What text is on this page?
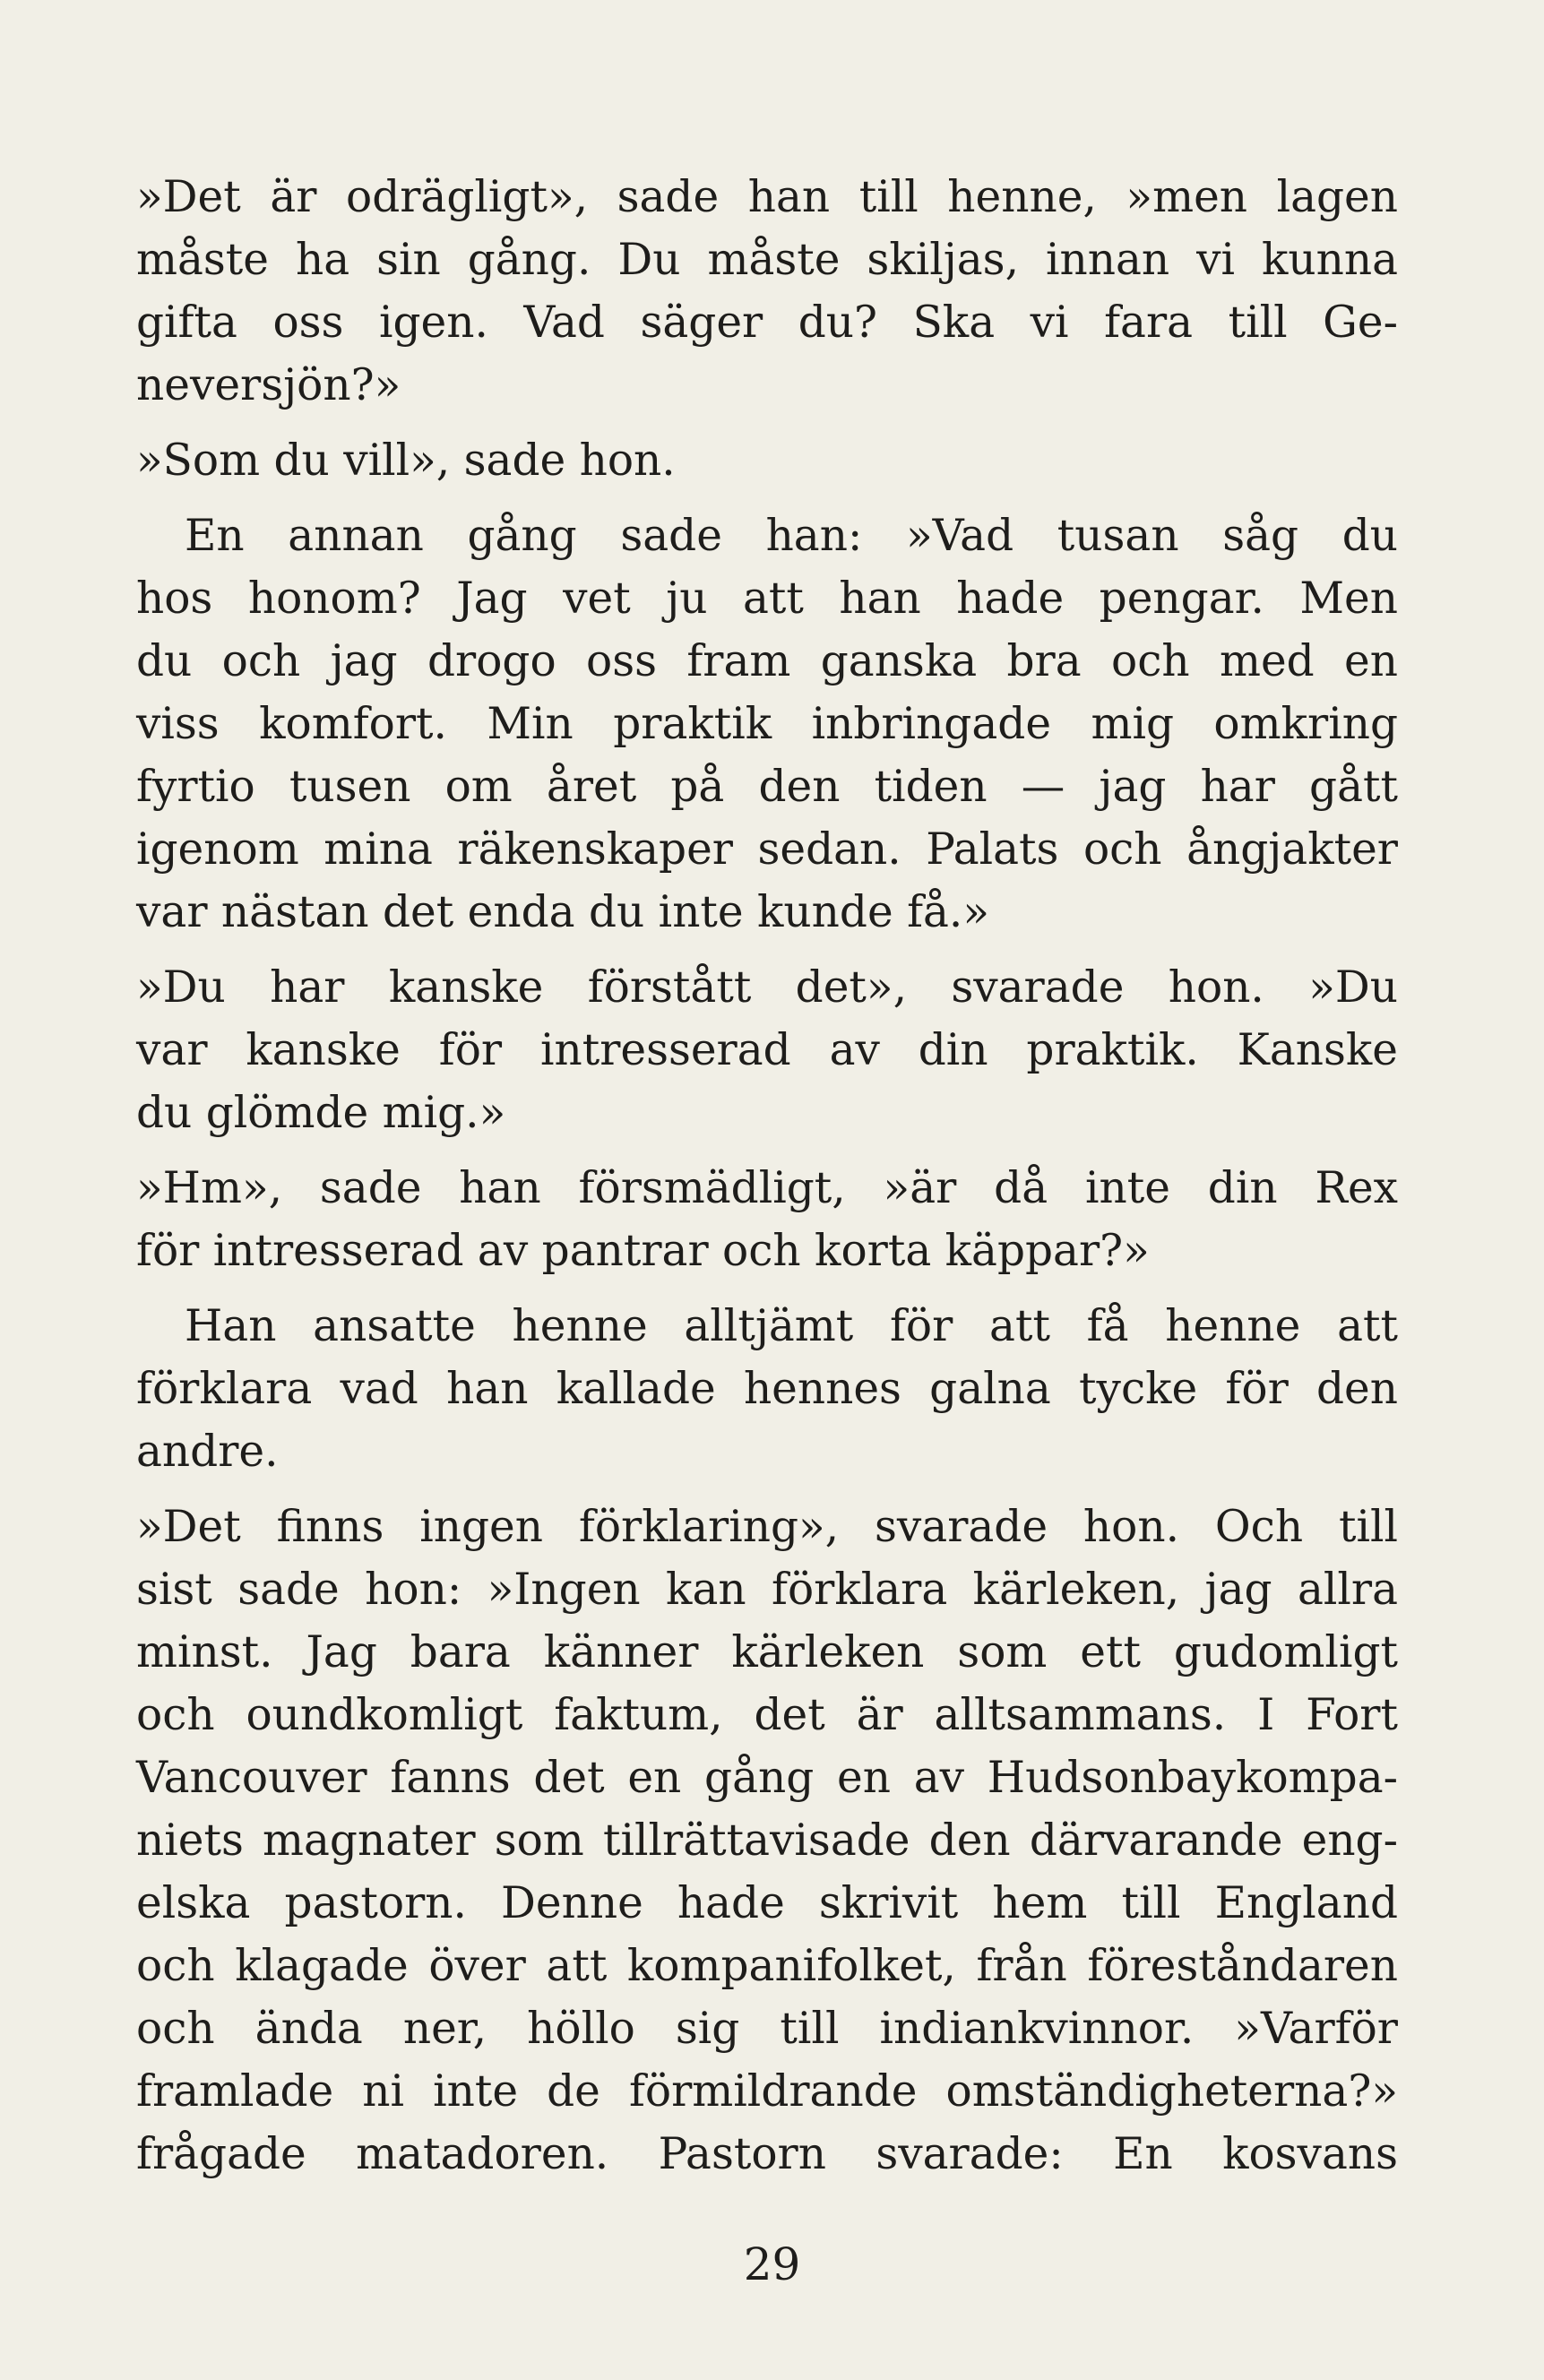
»Det är odrägligt», sade han till henne, »men lagen
måste ha sin gång. Du måste skiljas, innan vi kunna
gifta oss igen. Vad säger du? Ska vi fara till Ge-
neversjön?»
»Som du vill», sade hon.
En annan gång sade han: »Vad tusan såg du
hos honom? Jag vet ju att han hade pengar. Men
du och jag drogo oss fram ganska bra och med en
viss komfort. Min praktik inbringade mig omkring
fyrtio tusen om året på den tiden — jag har gått
igenom mina räkenskaper sedan. Palats och ångjakter
var nästan det enda du inte kunde få.»
»Du har kanske förstått det», svarade hon. »Du
var kanske för intresserad av din praktik. Kanske
du glömde mig.»
»Hm», sade han försmädligt, »är då inte din Rex
för intresserad av pantrar och korta käppar?»
Han ansatte henne alltjämt för att få henne att
förklara vad han kallade hennes galna tycke för den
andre.
»Det finns ingen förklaring», svarade hon. Och till
sist sade hon: »Ingen kan förklara kärleken, jag allra
minst. Jag bara känner kärleken som ett gudomligt
och oundkomligt faktum, det är alltsammans. I Fort
Vancouver fanns det en gång en av Hudsonbaykompa-
niets magnater som tillrättavisade den därvarande eng-
elska pastorn. Denne hade skrivit hem till England
och klagade över att kompanifolket, från föreståndaren
och ända ner, höllo sig till indiankvinnor. »Varför
framlade ni inte de förmildrande omständigheterna?»
frågade matadoren. Pastorn svarade: En kosvans
29
